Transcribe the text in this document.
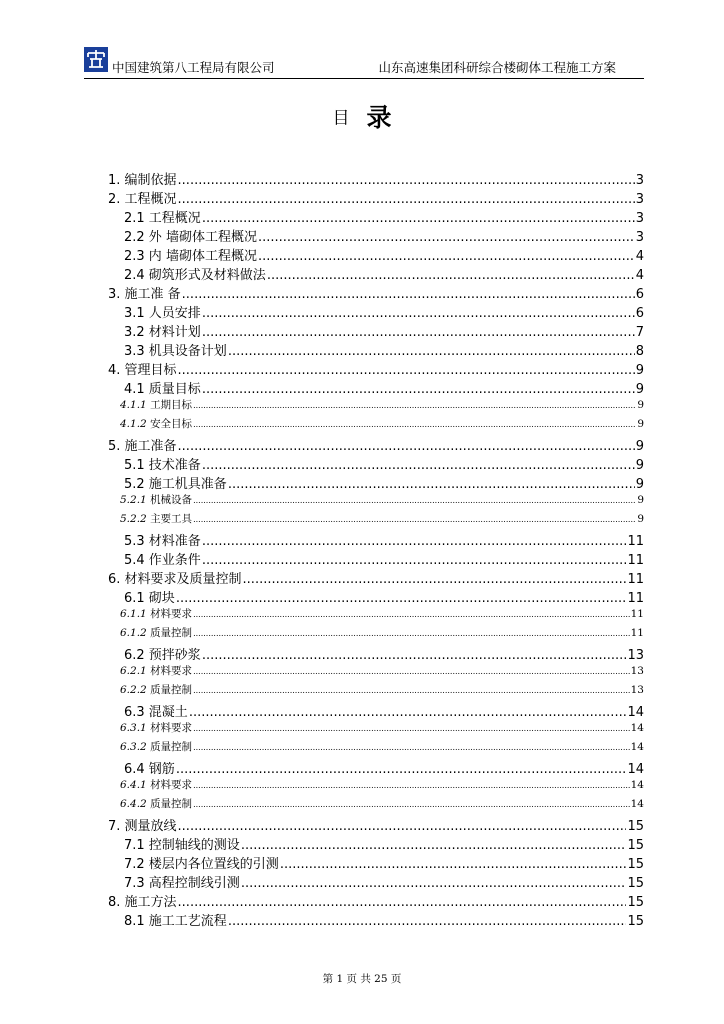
中国建筑第八工程局有限公司	山东高速集团科研综合楼砌体工程施工方案
目 录
1. 编制依据 .....	3
2. 工程概况 .....	3
2.1 工程概况 .....	3
2.2 外 墙砌体工程概况 .....	3
2.3 内 墙砌体工程概况 .....	4
2.4 砌筑形式及材料做法 .....	4
3. 施工准 备 .....	6
3.1 人员安排 .....	6
3.2 材料计划 .....	7
3.3 机具设备计划 .....	8
4. 管理目标 .....	9
4.1 质量目标 .....	9
4.1.1 工期目标 .....	9
4.1.2 安全目标 .....	9
5. 施工准备 .....	9
5.1 技术准备 .....	9
5.2 施工机具准备 .....	9
5.2.1 机械设备 .....	9
5.2.2 主要工具 .....	9
5.3 材料准备 .....	11
5.4 作业条件 .....	11
6. 材料要求及质量控制 .....	11
6.1 砌块 .....	11
6.1.1 材料要求 .....	11
6.1.2 质量控制 .....	11
6.2 预拌砂浆 .....	13
6.2.1 材料要求 .....	13
6.2.2 质量控制 .....	13
6.3 混凝土 .....	14
6.3.1 材料要求 .....	14
6.3.2 质量控制 .....	14
6.4 钢筋 .....	14
6.4.1 材料要求 .....	14
6.4.2 质量控制 .....	14
7. 测量放线 .....	15
7.1 控制轴线的测设 .....	15
7.2 楼层内各位置线的引测 .....	15
7.3 高程控制线引测 .....	15
8. 施工方法 .....	15
8.1 施工工艺流程 .....	15
第 1 页 共 25 页
